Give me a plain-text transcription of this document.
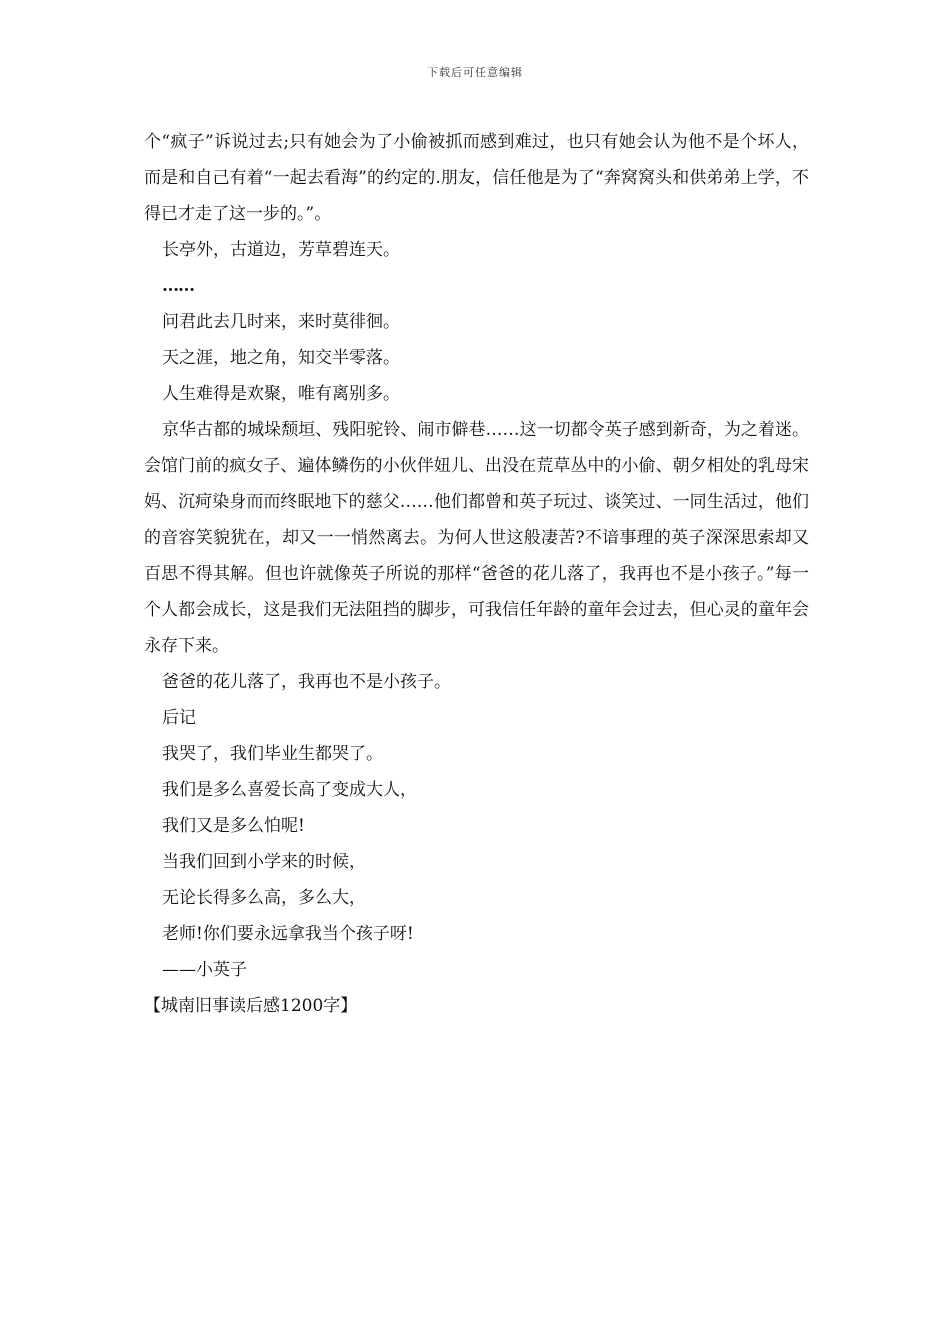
下载后可任意编辑

个“疯子”诉说过去;只有她会为了小偷被抓而感到难过，也只有她会认为他不是个坏人，而是和自己有着“一起去看海”的约定的.朋友，信任他是为了“奔窝窝头和供弟弟上学，不得已才走了这一步的。”。

长亭外，古道边，芳草碧连天。

……

问君此去几时来，来时莫徘徊。

天之涯，地之角，知交半零落。

人生难得是欢聚，唯有离别多。

京华古都的城垛颓垣、残阳驼铃、闹市僻巷……这一切都令英子感到新奇，为之着迷。会馆门前的疯女子、遍体鳞伤的小伙伴妞儿、出没在荒草丛中的小偷、朝夕相处的乳母宋妈、沉疴染身而而终眠地下的慈父……他们都曾和英子玩过、谈笑过、一同生活过，他们的音容笑貌犹在，却又一一悄然离去。为何人世这般凄苦?不谙事理的英子深深思索却又百思不得其解。但也许就像英子所说的那样“爸爸的花儿落了，我再也不是小孩子。”每一个人都会成长，这是我们无法阻挡的脚步，可我信任年龄的童年会过去，但心灵的童年会永存下来。

爸爸的花儿落了，我再也不是小孩子。

后记

我哭了，我们毕业生都哭了。

我们是多么喜爱长高了变成大人，

我们又是多么怕呢!

当我们回到小学来的时候，

无论长得多么高，多么大，

老师!你们要永远拿我当个孩子呀!

——小英子

【城南旧事读后感1200字】
